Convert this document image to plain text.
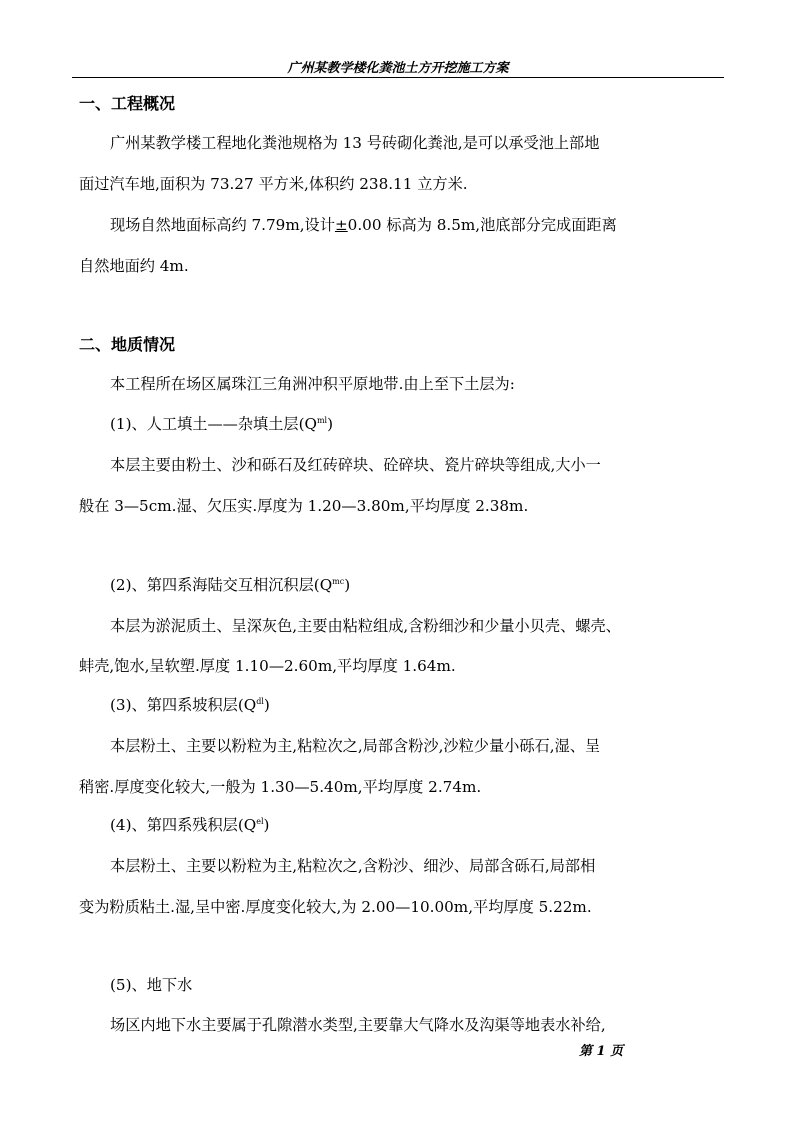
广州某教学楼化粪池土方开挖施工方案
一、工程概况
广州某教学楼工程地化粪池规格为 13 号砖砌化粪池,是可以承受池上部地
面过汽车地,面积为 73.27 平方米,体积约 238.11 立方米.
现场自然地面标高约 7.79m,设计±0.00 标高为 8.5m,池底部分完成面距离
自然地面约 4m.
二、地质情况
本工程所在场区属珠江三角洲冲积平原地带.由上至下土层为:
(1)、人工填土——杂填土层$(Q^{ml})$
本层主要由粉土、沙和砾石及红砖碎块、砼碎块、瓷片碎块等组成,大小一
般在 3—5cm.湿、欠压实.厚度为 1.20—3.80m,平均厚度 2.38m.
(2)、第四系海陆交互相沉积层$(Q^{mc})$
本层为淤泥质土、呈深灰色,主要由粘粒组成,含粉细沙和少量小贝壳、螺壳、
蚌壳,饱水,呈软塑.厚度 1.10—2.60m,平均厚度 1.64m.
(3)、第四系坡积层$(Q^{dl})$
本层粉土、主要以粉粒为主,粘粒次之,局部含粉沙,沙粒少量小砾石,湿、呈
稍密.厚度变化较大,一般为 1.30—5.40m,平均厚度 2.74m.
(4)、第四系残积层$(Q^{el})$
本层粉土、主要以粉粒为主,粘粒次之,含粉沙、细沙、局部含砾石,局部相
变为粉质粘土.湿,呈中密.厚度变化较大,为 2.00—10.00m,平均厚度 5.22m.
(5)、地下水
场区内地下水主要属于孔隙潜水类型,主要靠大气降水及沟渠等地表水补给,
第 1 页
